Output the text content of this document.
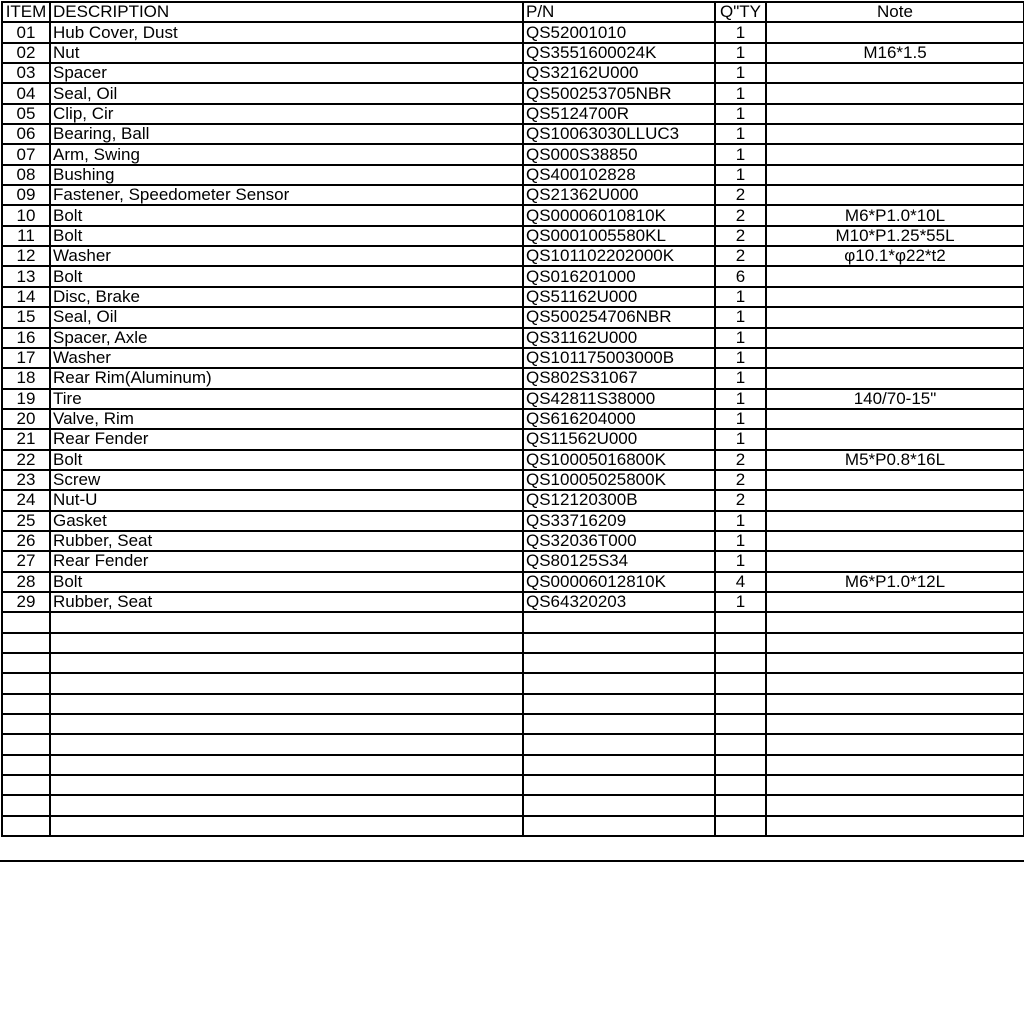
ITEM	DESCRIPTION	P/N	Q"TY	Note
01	Hub Cover, Dust	QS52001010	1	
02	Nut	QS3551600024K	1	M16*1.5
03	Spacer	QS32162U000	1	
04	Seal, Oil	QS500253705NBR	1	
05	Clip, Cir	QS5124700R	1	
06	Bearing, Ball	QS10063030LLUC3	1	
07	Arm, Swing	QS000S38850	1	
08	Bushing	QS400102828	1	
09	Fastener, Speedometer Sensor	QS21362U000	2	
10	Bolt	QS00006010810K	2	M6*P1.0*10L
11	Bolt	QS0001005580KL	2	M10*P1.25*55L
12	Washer	QS101102202000K	2	φ10.1*φ22*t2
13	Bolt	QS016201000	6	
14	Disc, Brake	QS51162U000	1	
15	Seal, Oil	QS500254706NBR	1	
16	Spacer, Axle	QS31162U000	1	
17	Washer	QS101175003000B	1	
18	Rear Rim(Aluminum)	QS802S31067	1	
19	Tire	QS42811S38000	1	140/70-15"
20	Valve, Rim	QS616204000	1	
21	Rear Fender	QS11562U000	1	
22	Bolt	QS10005016800K	2	M5*P0.8*16L
23	Screw	QS10005025800K	2	
24	Nut-U	QS12120300B	2	
25	Gasket	QS33716209	1	
26	Rubber, Seat	QS32036T000	1	
27	Rear Fender	QS80125S34	1	
28	Bolt	QS00006012810K	4	M6*P1.0*12L
29	Rubber, Seat	QS64320203	1	
